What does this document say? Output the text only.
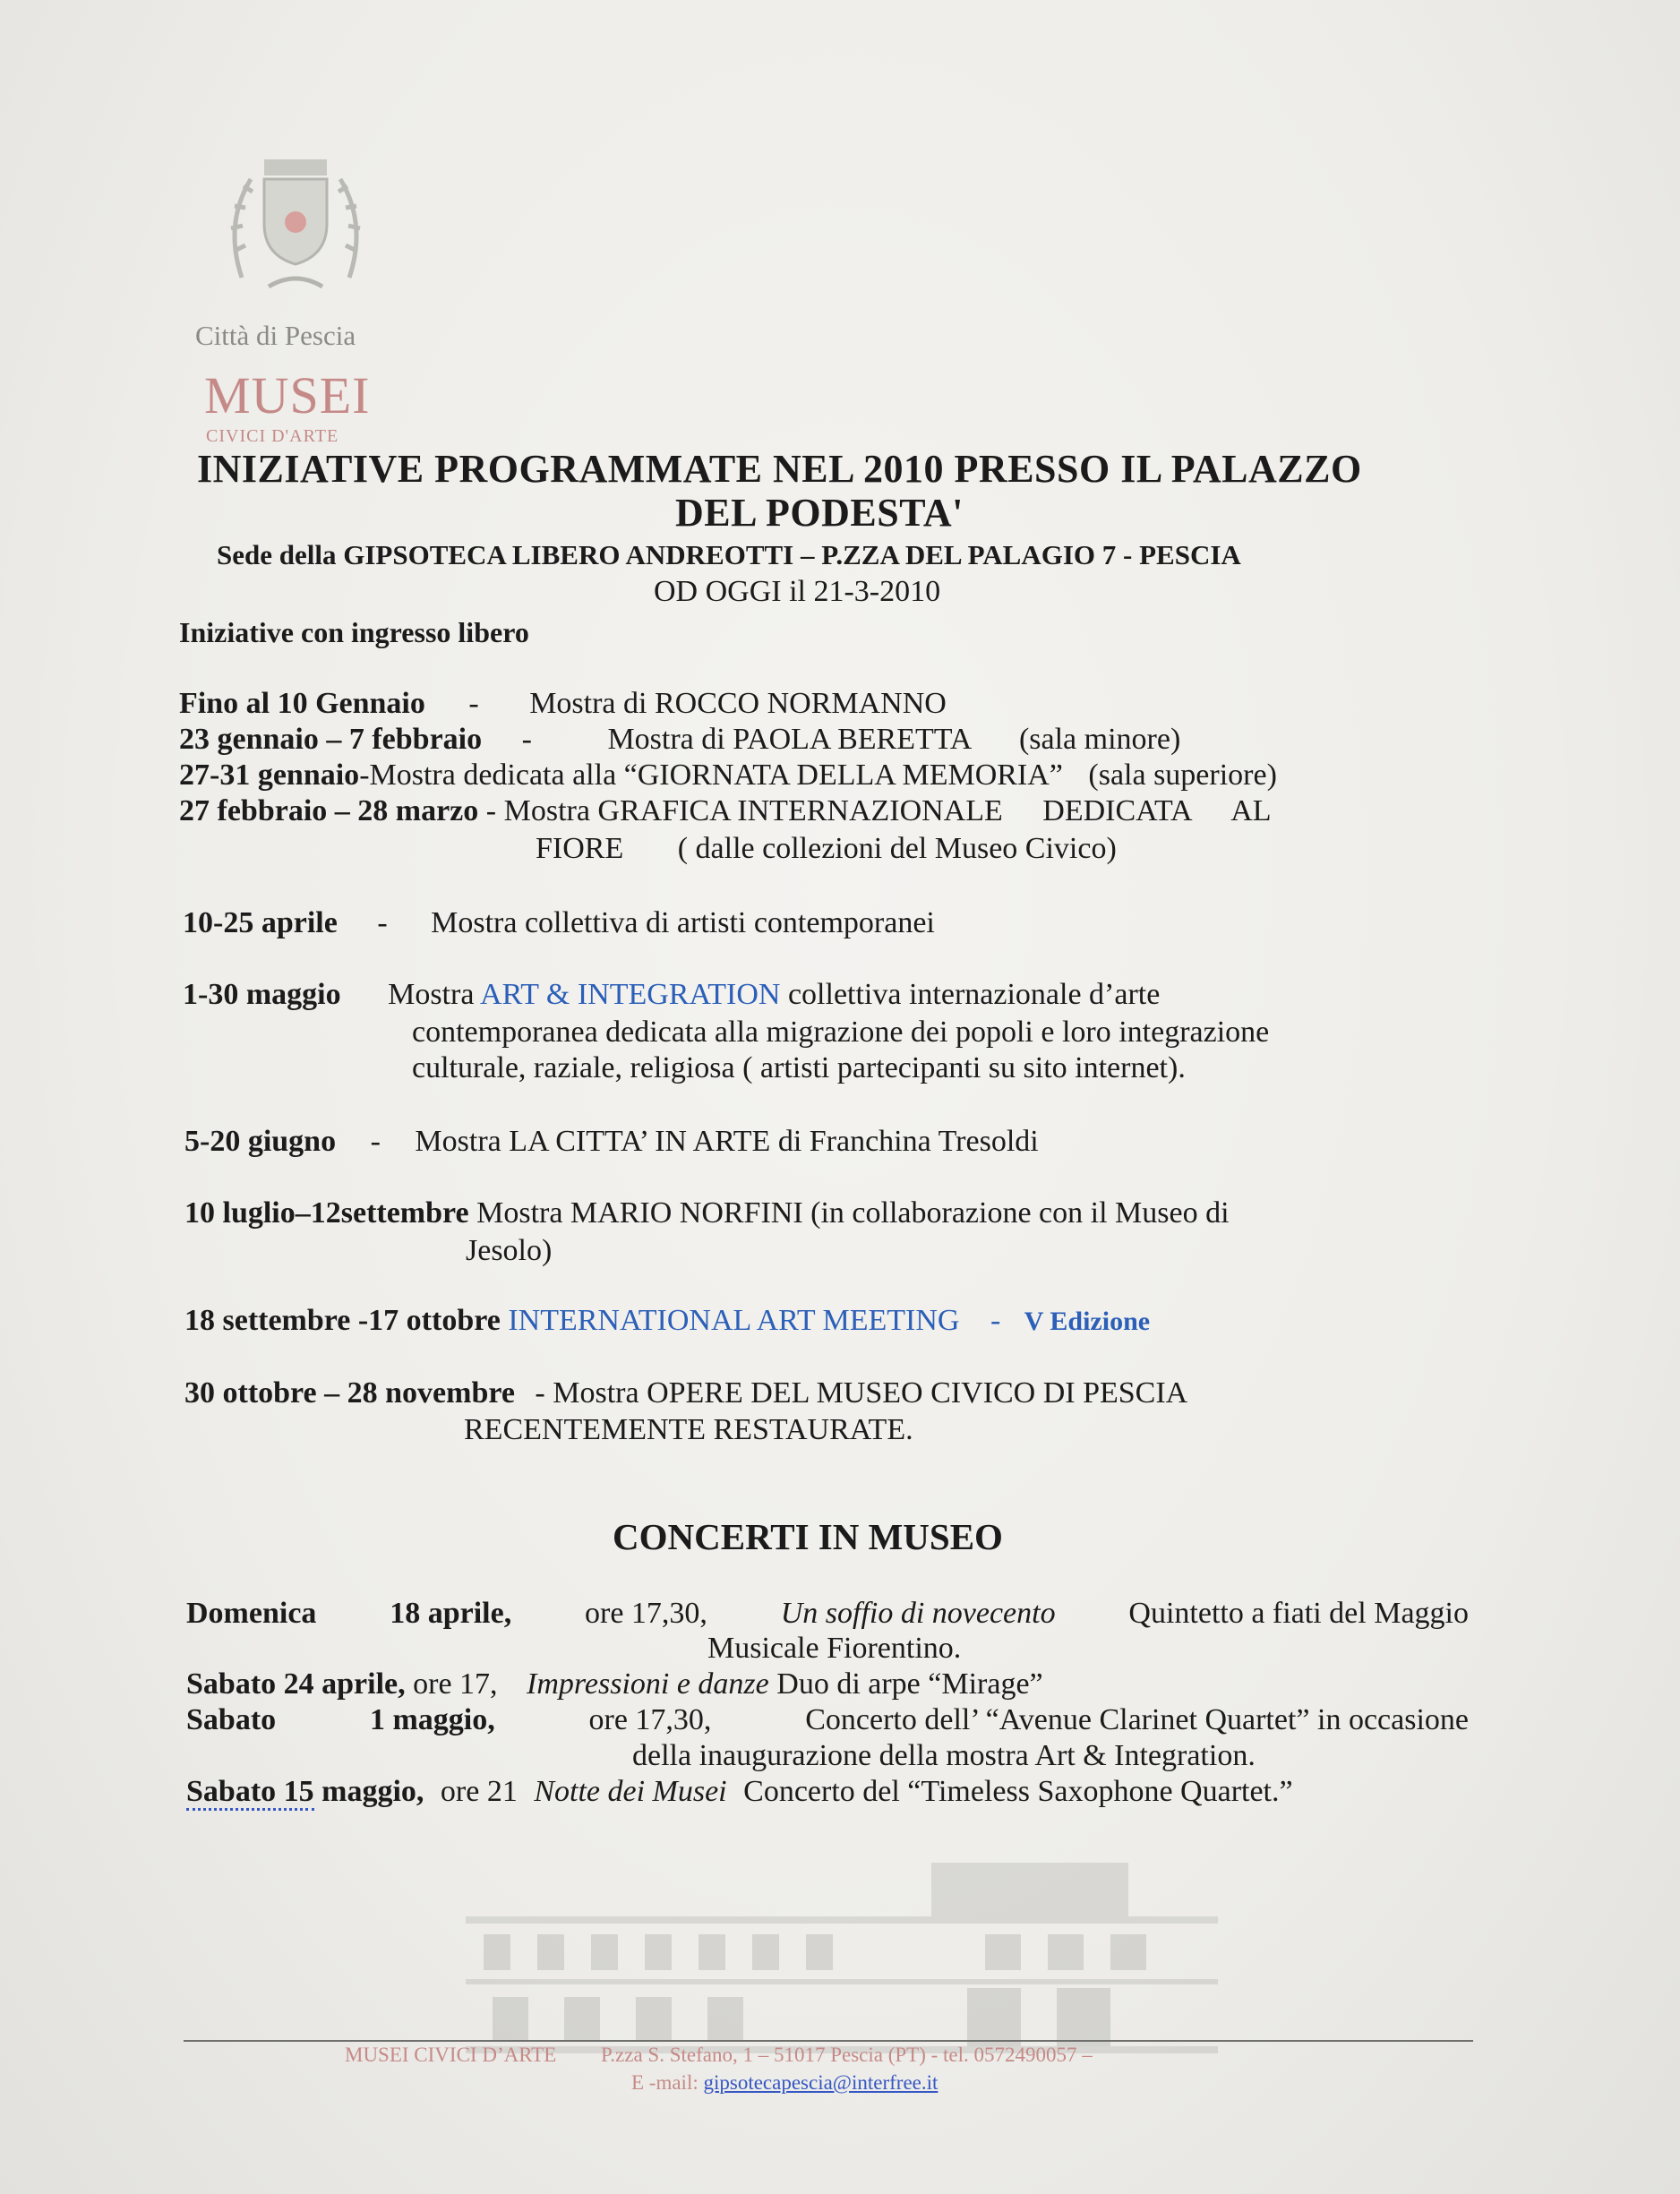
Città di Pescia
MUSEI
CIVICI D'ARTE
INIZIATIVE PROGRAMMATE NEL 2010 PRESSO IL PALAZZO
DEL PODESTA'
Sede della GIPSOTECA LIBERO ANDREOTTI – P.ZZA DEL PALAGIO 7 - PESCIA
OD OGGI il 21-3-2010
Iniziative con ingresso libero
Fino al 10 Gennaio - Mostra di ROCCO NORMANNO
23 gennaio – 7 febbraio - Mostra di PAOLA BERETTA (sala minore)
27-31 gennaio-Mostra dedicata alla “GIORNATA DELLA MEMORIA” (sala superiore)
27 febbraio – 28 marzo - Mostra GRAFICA INTERNAZIONALE DEDICATA AL
FIORE ( dalle collezioni del Museo Civico)
10-25 aprile - Mostra collettiva di artisti contemporanei
1-30 maggio Mostra ART & INTEGRATION collettiva internazionale d’arte
contemporanea dedicata alla migrazione dei popoli e loro integrazione
culturale, raziale, religiosa ( artisti partecipanti su sito internet).
5-20 giugno - Mostra LA CITTA’ IN ARTE di Franchina Tresoldi
10 luglio–12settembre Mostra MARIO NORFINI (in collaborazione con il Museo di
Jesolo)
18 settembre -17 ottobre INTERNATIONAL ART MEETING - V Edizione
30 ottobre – 28 novembre - Mostra OPERE DEL MUSEO CIVICO DI PESCIA
RECENTEMENTE RESTAURATE.
CONCERTI IN MUSEO
Domenica 18 aprile, ore 17,30, Un soffio di novecento Quintetto a fiati del Maggio
Musicale Fiorentino.
Sabato 24 aprile, ore 17, Impressioni e danze Duo di arpe “Mirage”
Sabato	1 maggio,	ore 17,30,	Concerto dell’ “Avenue Clarinet Quartet” in occasione
della inaugurazione della mostra Art & Integration.
Sabato 15 maggio, ore 21 Notte dei Musei Concerto del “Timeless Saxophone Quartet.”
MUSEI CIVICI D’ARTE P.zza S. Stefano, 1 – 51017 Pescia (PT) - tel. 0572490057 –
E -mail: gipsotecapescia@interfree.it
